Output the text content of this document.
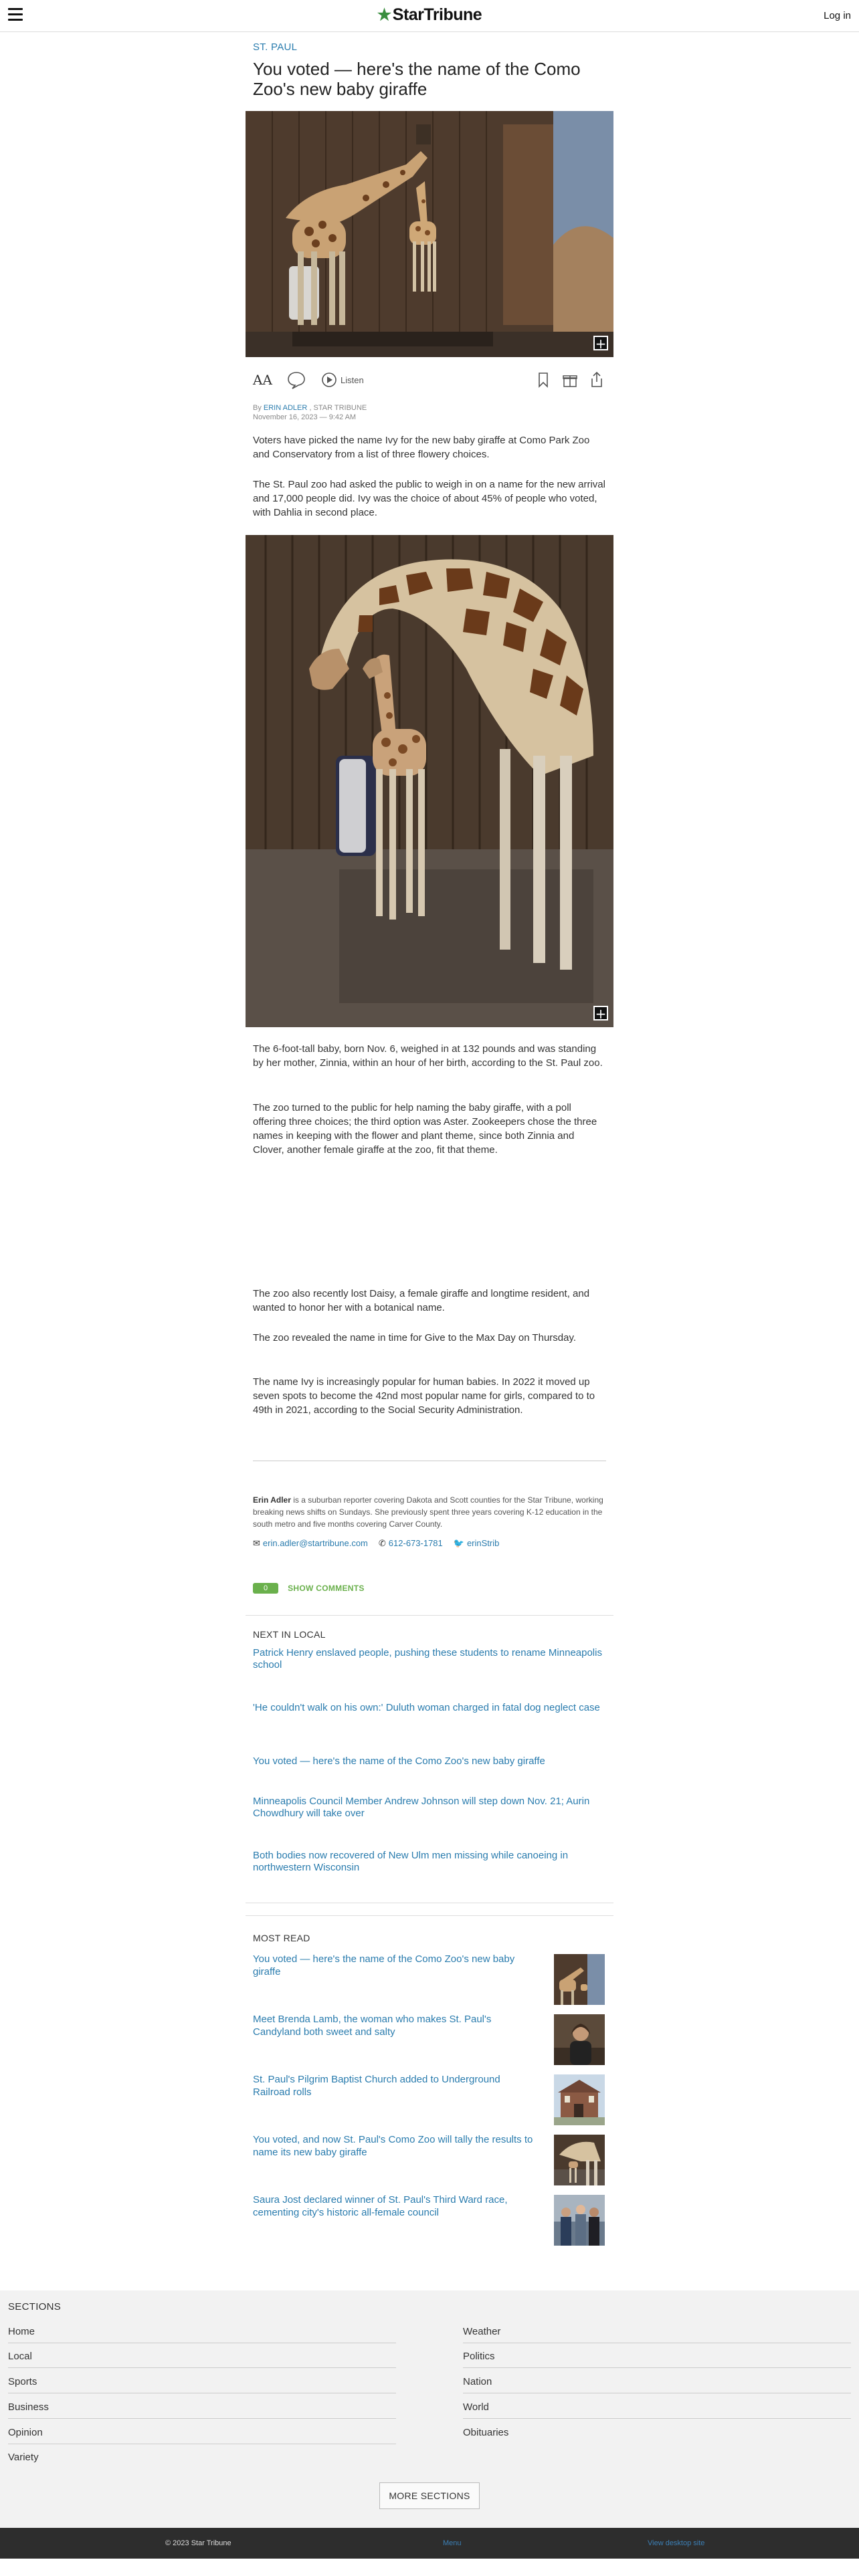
★StarTribune	Log in
ST. PAUL
You voted — here's the name of the Como Zoo's new baby giraffe
+
AA	Listen
By ERIN ADLER , STAR TRIBUNE
November 16, 2023 — 9:42 AM

Voters have picked the name Ivy for the new baby giraffe at Como Park Zoo and Conservatory from a list of three flowery choices.

The St. Paul zoo had asked the public to weigh in on a name for the new arrival and 17,000 people did. Ivy was the choice of about 45% of people who voted, with Dahlia in second place.

+

The 6-foot-tall baby, born Nov. 6, weighed in at 132 pounds and was standing by her mother, Zinnia, within an hour of her birth, according to the St. Paul zoo.

The zoo turned to the public for help naming the baby giraffe, with a poll offering three choices; the third option was Aster. Zookeepers chose the three names in keeping with the flower and plant theme, since both Zinnia and Clover, another female giraffe at the zoo, fit that theme.

The zoo also recently lost Daisy, a female giraffe and longtime resident, and wanted to honor her with a botanical name.

The zoo revealed the name in time for Give to the Max Day on Thursday.

The name Ivy is increasingly popular for human babies. In 2022 it moved up seven spots to become the 42nd most popular name for girls, compared to to 49th in 2021, according to the Social Security Administration.

Erin Adler is a suburban reporter covering Dakota and Scott counties for the Star Tribune, working breaking news shifts on Sundays. She previously spent three years covering K-12 education in the south metro and five months covering Carver County.
✉ erin.adler@startribune.com ✆ 612-673-1781 🐦 erinStrib
0	SHOW COMMENTS
NEXT IN LOCAL
Patrick Henry enslaved people, pushing these students to rename Minneapolis school
'He couldn't walk on his own:' Duluth woman charged in fatal dog neglect case
You voted — here's the name of the Como Zoo's new baby giraffe
Minneapolis Council Member Andrew Johnson will step down Nov. 21; Aurin Chowdhury will take over
Both bodies now recovered of New Ulm men missing while canoeing in northwestern Wisconsin
MOST READ
You voted — here's the name of the Como Zoo's new baby giraffe
Meet Brenda Lamb, the woman who makes St. Paul's Candyland both sweet and salty
St. Paul's Pilgrim Baptist Church added to Underground Railroad rolls
You voted, and now St. Paul's Como Zoo will tally the results to name its new baby giraffe
Saura Jost declared winner of St. Paul's Third Ward race, cementing city's historic all-female council
SECTIONS
Home
Local
Sports
Business
Opinion
Variety
Weather
Politics
Nation
World
Obituaries
MORE SECTIONS
© 2023 Star Tribune	Menu	View desktop site
